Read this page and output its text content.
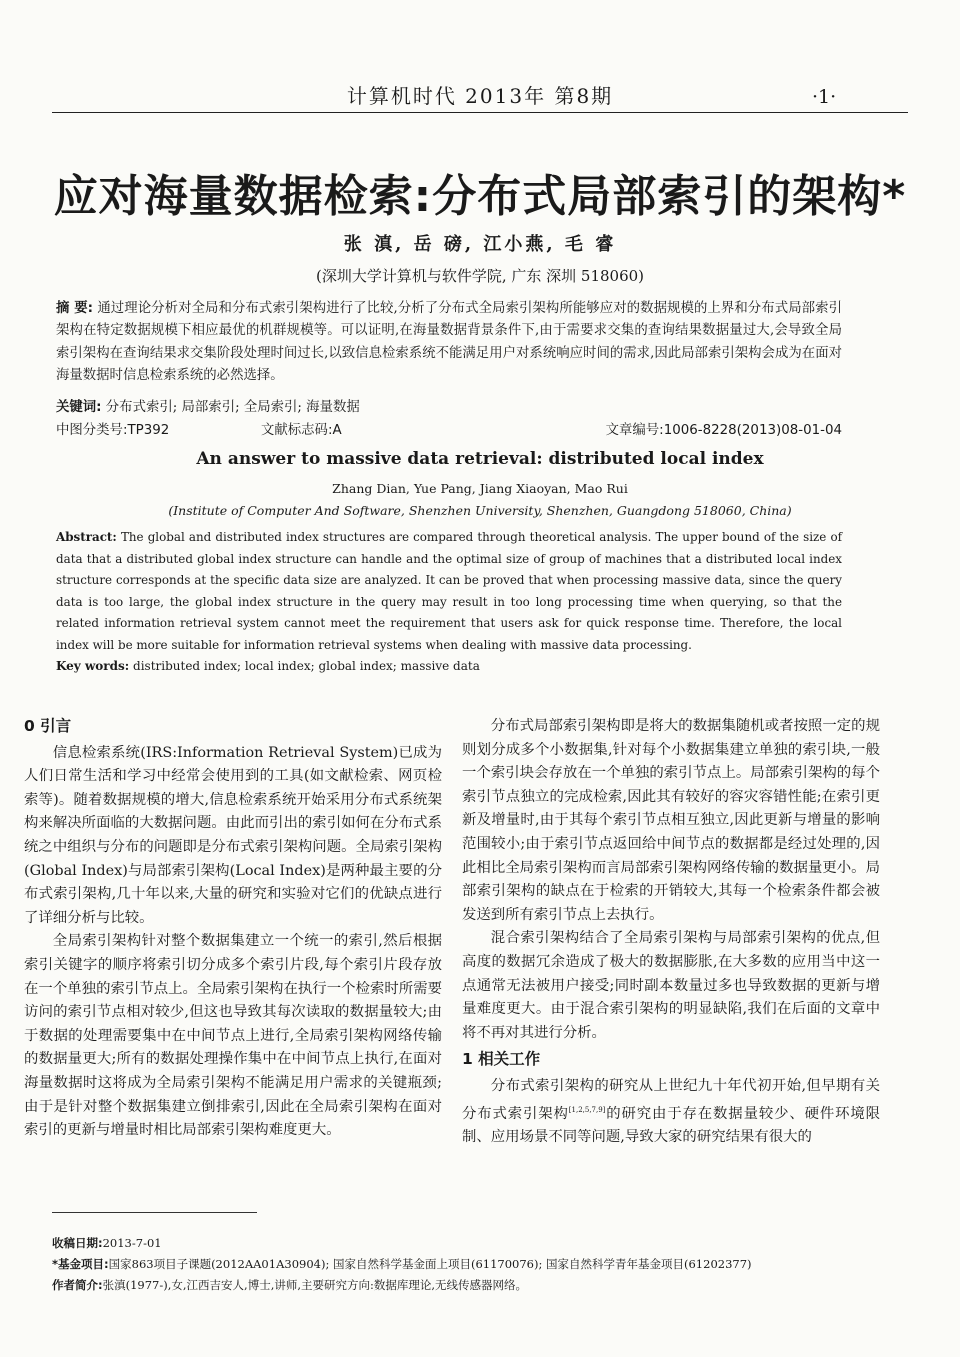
计算机时代 2013年 第8期	·1·
应对海量数据检索:分布式局部索引的架构*
张 滇, 岳 磅, 江小燕, 毛 睿
(深圳大学计算机与软件学院, 广东 深圳 518060)
摘 要: 通过理论分析对全局和分布式索引架构进行了比较,分析了分布式全局索引架构所能够应对的数据规模的上界和分布式局部索引架构在特定数据规模下相应最优的机群规模等。可以证明,在海量数据背景条件下,由于需要求交集的查询结果数据量过大,会导致全局索引架构在查询结果求交集阶段处理时间过长,以致信息检索系统不能满足用户对系统响应时间的需求,因此局部索引架构会成为在面对海量数据时信息检索系统的必然选择。
关键词: 分布式索引; 局部索引; 全局索引; 海量数据
中图分类号:TP392	文献标志码:A	文章编号:1006-8228(2013)08-01-04
An answer to massive data retrieval: distributed local index
Zhang Dian, Yue Pang, Jiang Xiaoyan, Mao Rui
(Institute of Computer And Software, Shenzhen University, Shenzhen, Guangdong 518060, China)
Abstract: The global and distributed index structures are compared through theoretical analysis. The upper bound of the size of data that a distributed global index structure can handle and the optimal size of group of machines that a distributed local index structure corresponds at the specific data size are analyzed. It can be proved that when processing massive data, since the query data is too large, the global index structure in the query may result in too long processing time when querying, so that the related information retrieval system cannot meet the requirement that users ask for quick response time. Therefore, the local index will be more suitable for information retrieval systems when dealing with massive data processing.
Key words: distributed index; local index; global index; massive data
0 引言

信息检索系统(IRS:Information Retrieval System)已成为人们日常生活和学习中经常会使用到的工具(如文献检索、网页检索等)。随着数据规模的增大,信息检索系统开始采用分布式系统架构来解决所面临的大数据问题。由此而引出的索引如何在分布式系统之中组织与分布的问题即是分布式索引架构问题。全局索引架构(Global Index)与局部索引架构(Local Index)是两种最主要的分布式索引架构,几十年以来,大量的研究和实验对它们的优缺点进行了详细分析与比较。

全局索引架构针对整个数据集建立一个统一的索引,然后根据索引关键字的顺序将索引切分成多个索引片段,每个索引片段存放在一个单独的索引节点上。全局索引架构在执行一个检索时所需要访问的索引节点相对较少,但这也导致其每次读取的数据量较大;由于数据的处理需要集中在中间节点上进行,全局索引架构网络传输的数据量更大;所有的数据处理操作集中在中间节点上执行,在面对海量数据时这将成为全局索引架构不能满足用户需求的关键瓶颈;由于是针对整个数据集建立倒排索引,因此在全局索引架构在面对索引的更新与增量时相比局部索引架构难度更大。

分布式局部索引架构即是将大的数据集随机或者按照一定的规则划分成多个小数据集,针对每个小数据集建立单独的索引块,一般一个索引块会存放在一个单独的索引节点上。局部索引架构的每个索引节点独立的完成检索,因此其有较好的容灾容错性能;在索引更新及增量时,由于其每个索引节点相互独立,因此更新与增量的影响范围较小;由于索引节点返回给中间节点的数据都是经过处理的,因此相比全局索引架构而言局部索引架构网络传输的数据量更小。局部索引架构的缺点在于检索的开销较大,其每一个检索条件都会被发送到所有索引节点上去执行。

混合索引架构结合了全局索引架构与局部索引架构的优点,但高度的数据冗余造成了极大的数据膨胀,在大多数的应用当中这一点通常无法被用户接受;同时副本数量过多也导致数据的更新与增量难度更大。由于混合索引架构的明显缺陷,我们在后面的文章中将不再对其进行分析。

1 相关工作

分布式索引架构的研究从上世纪九十年代初开始,但早期有关分布式索引架构[1,2,5,7,9]的研究由于存在数据量较少、硬件环境限制、应用场景不同等问题,导致大家的研究结果有很大的

收稿日期:2013-7-01
*基金项目:国家863项目子课题(2012AA01A30904); 国家自然科学基金面上项目(61170076); 国家自然科学青年基金项目(61202377)
作者简介:张滇(1977-),女,江西吉安人,博士,讲师,主要研究方向:数据库理论,无线传感器网络。
